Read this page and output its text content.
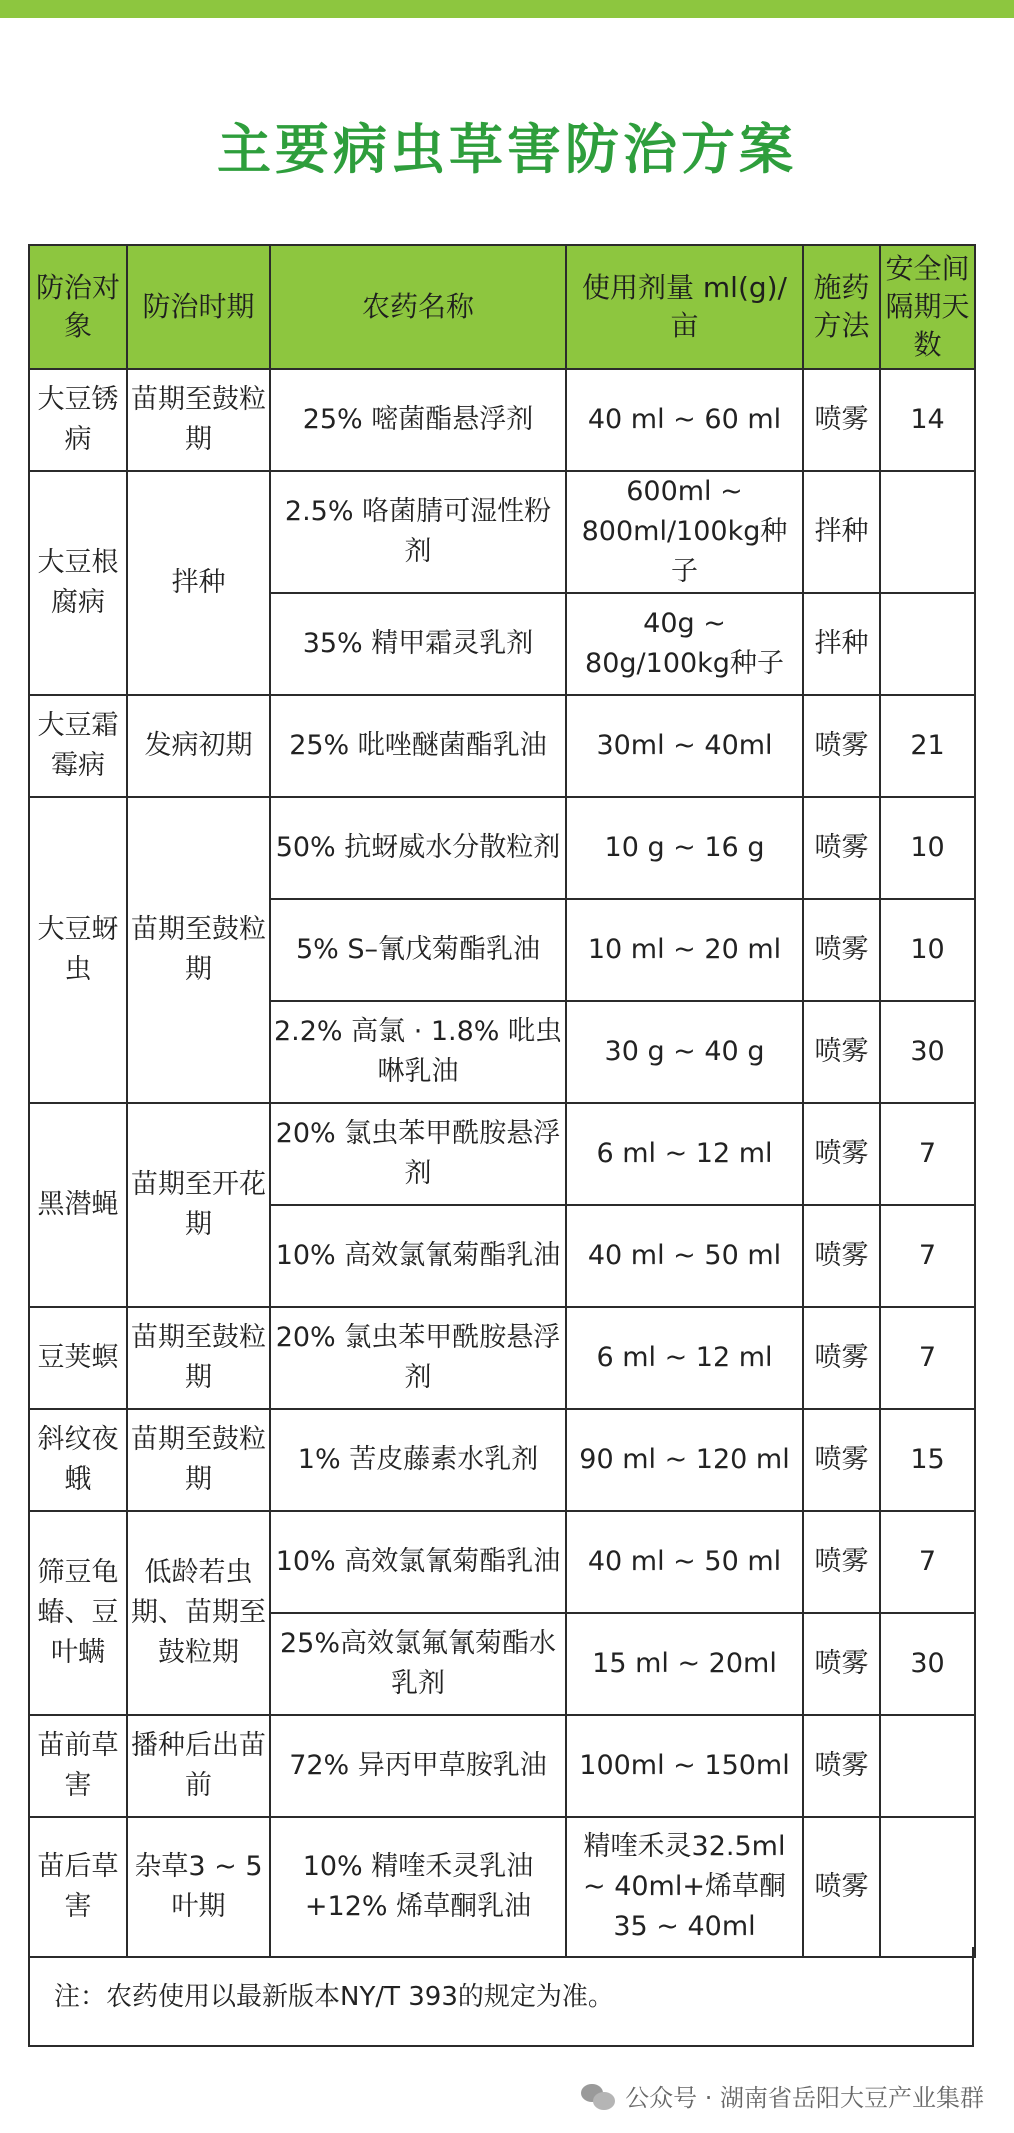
主要病虫草害防治方案
防治对象	防治时期	农药名称	使用剂量 ml(g)/亩	施药方法	安全间隔期天数
大豆锈病	苗期至鼓粒期	25% 嘧菌酯悬浮剂	40 ml ~ 60 ml	喷雾	14
大豆根腐病	拌种	2.5% 咯菌腈可湿性粉剂	600ml ~ 800ml/100kg种子	拌种	
		35% 精甲霜灵乳剂	40g ~ 80g/100kg种子	拌种	
大豆霜霉病	发病初期	25% 吡唑醚菌酯乳油	30ml ~ 40ml	喷雾	21
大豆蚜虫	苗期至鼓粒期	50% 抗蚜威水分散粒剂	10 g ~ 16 g	喷雾	10
		5% S–氰戊菊酯乳油	10 ml ~ 20 ml	喷雾	10
		2.2% 高氯 · 1.8% 吡虫啉乳油	30 g ~ 40 g	喷雾	30
黑潜蝇	苗期至开花期	20% 氯虫苯甲酰胺悬浮剂	6 ml ~ 12 ml	喷雾	7
		10% 高效氯氰菊酯乳油	40 ml ~ 50 ml	喷雾	7
豆荚螟	苗期至鼓粒期	20% 氯虫苯甲酰胺悬浮剂	6 ml ~ 12 ml	喷雾	7
斜纹夜蛾	苗期至鼓粒期	1% 苦皮藤素水乳剂	90 ml ~ 120 ml	喷雾	15
筛豆龟蝽、豆叶螨	低龄若虫期、苗期至鼓粒期	10% 高效氯氰菊酯乳油	40 ml ~ 50 ml	喷雾	7
		25%高效氯氟氰菊酯水乳剂	15 ml ~ 20ml	喷雾	30
苗前草害	播种后出苗前	72% 异丙甲草胺乳油	100ml ~ 150ml	喷雾	
苗后草害	杂草3 ~ 5叶期	10% 精喹禾灵乳油+12% 烯草酮乳油	精喹禾灵32.5ml ~ 40ml+烯草酮35 ~ 40ml	喷雾	
注：农药使用以最新版本NY/T 393的规定为准。
公众号 · 湖南省岳阳大豆产业集群
